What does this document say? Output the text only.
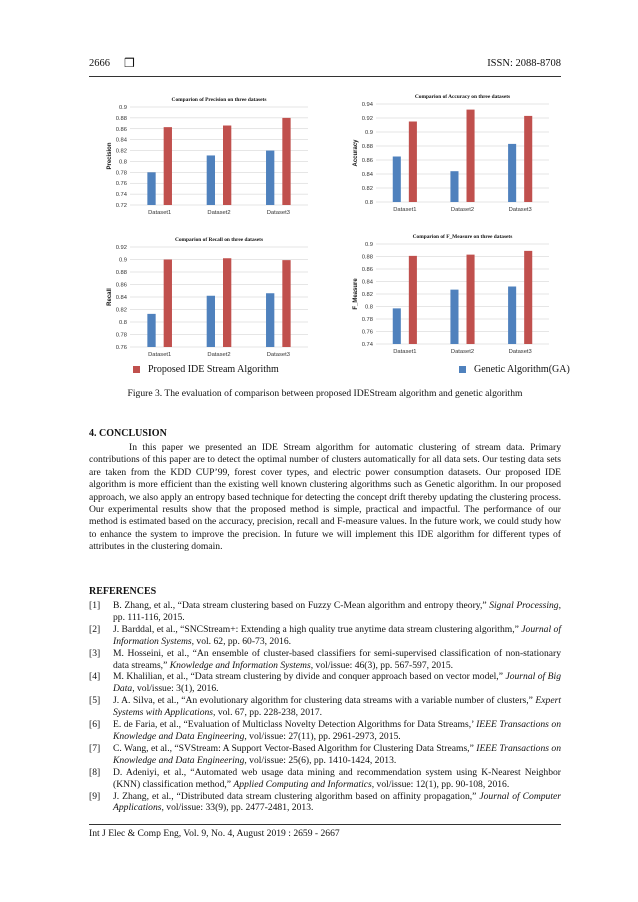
2666 ❒	ISSN: 2088-8708
Comparion of Precision on three datasets
Precision
0.72
0.74
0.76
0.78
0.8
0.82
0.84
0.86
0.88
0.9
Dataset1	Dataset2	Dataset3
Comparion of Accuracy on three datasets
Accuracy
0.8
0.82
0.84
0.86
0.88
0.9
0.92
0.94
Dataset1	Dataset2	Dataset3
Comparion of Recall on three datasets
Recall
0.76
0.78
0.8
0.82
0.84
0.86
0.88
0.9
0.92
Dataset1	Dataset2	Dataset3
Comparion of F_Measure on three datasets
F_Measure
0.74
0.76
0.78
0.8
0.82
0.84
0.86
0.88
0.9
Dataset1	Dataset2	Dataset3
Proposed IDE Stream Algorithm	Genetic Algorithm(GA)
Figure 3. The evaluation of comparison between proposed IDEStream algorithm and genetic algorithm
4. CONCLUSION

In this paper we presented an IDE Stream algorithm for automatic clustering of stream data. Primary contributions of this paper are to detect the optimal number of clusters automatically for all data sets. Our testing data sets are taken from the KDD CUP’99, forest cover types, and electric power consumption datasets. Our proposed IDE algorithm is more efficient than the existing well known clustering algorithms such as Genetic algorithm. In our proposed approach, we also apply an entropy based technique for detecting the concept drift thereby updating the clustering process. Our experimental results show that the proposed method is simple, practical and impactful. The performance of our method is estimated based on the accuracy, precision, recall and F-measure values. In the future work, we could study how to enhance the system to improve the precision. In future we will implement this IDE algorithm for different types of attributes in the clustering domain.

REFERENCES
[1] B. Zhang, et al., “Data stream clustering based on Fuzzy C-Mean algorithm and entropy theory,” Signal Processing, pp. 111-116, 2015.
[2] J. Barddal, et al., “SNCStream+: Extending a high quality true anytime data stream clustering algorithm,” Journal of Information Systems, vol. 62, pp. 60-73, 2016.
[3] M. Hosseini, et al., “An ensemble of cluster-based classifiers for semi-supervised classification of non-stationary data streams,” Knowledge and Information Systems, vol/issue: 46(3), pp. 567-597, 2015.
[4] M. Khalilian, et al., “Data stream clustering by divide and conquer approach based on vector model,” Journal of Big Data, vol/issue: 3(1), 2016.
[5] J. A. Silva, et al., “An evolutionary algorithm for clustering data streams with a variable number of clusters,” Expert Systems with Applications, vol. 67, pp. 228-238, 2017.
[6] E. de Faria, et al., “Evaluation of Multiclass Novelty Detection Algorithms for Data Streams,’ IEEE Transactions on Knowledge and Data Engineering, vol/issue: 27(11), pp. 2961-2973, 2015.
[7] C. Wang, et al., “SVStream: A Support Vector-Based Algorithm for Clustering Data Streams,” IEEE Transactions on Knowledge and Data Engineering, vol/issue: 25(6), pp. 1410-1424, 2013.
[8] D. Adeniyi, et al., “Automated web usage data mining and recommendation system using K-Nearest Neighbor (KNN) classification method,” Applied Computing and Informatics, vol/issue: 12(1), pp. 90-108, 2016.
[9] J. Zhang, et al., “Distributed data stream clustering algorithm based on affinity propagation,” Journal of Computer Applications, vol/issue: 33(9), pp. 2477-2481, 2013.
Int J Elec & Comp Eng, Vol. 9, No. 4, August 2019 : 2659 - 2667
